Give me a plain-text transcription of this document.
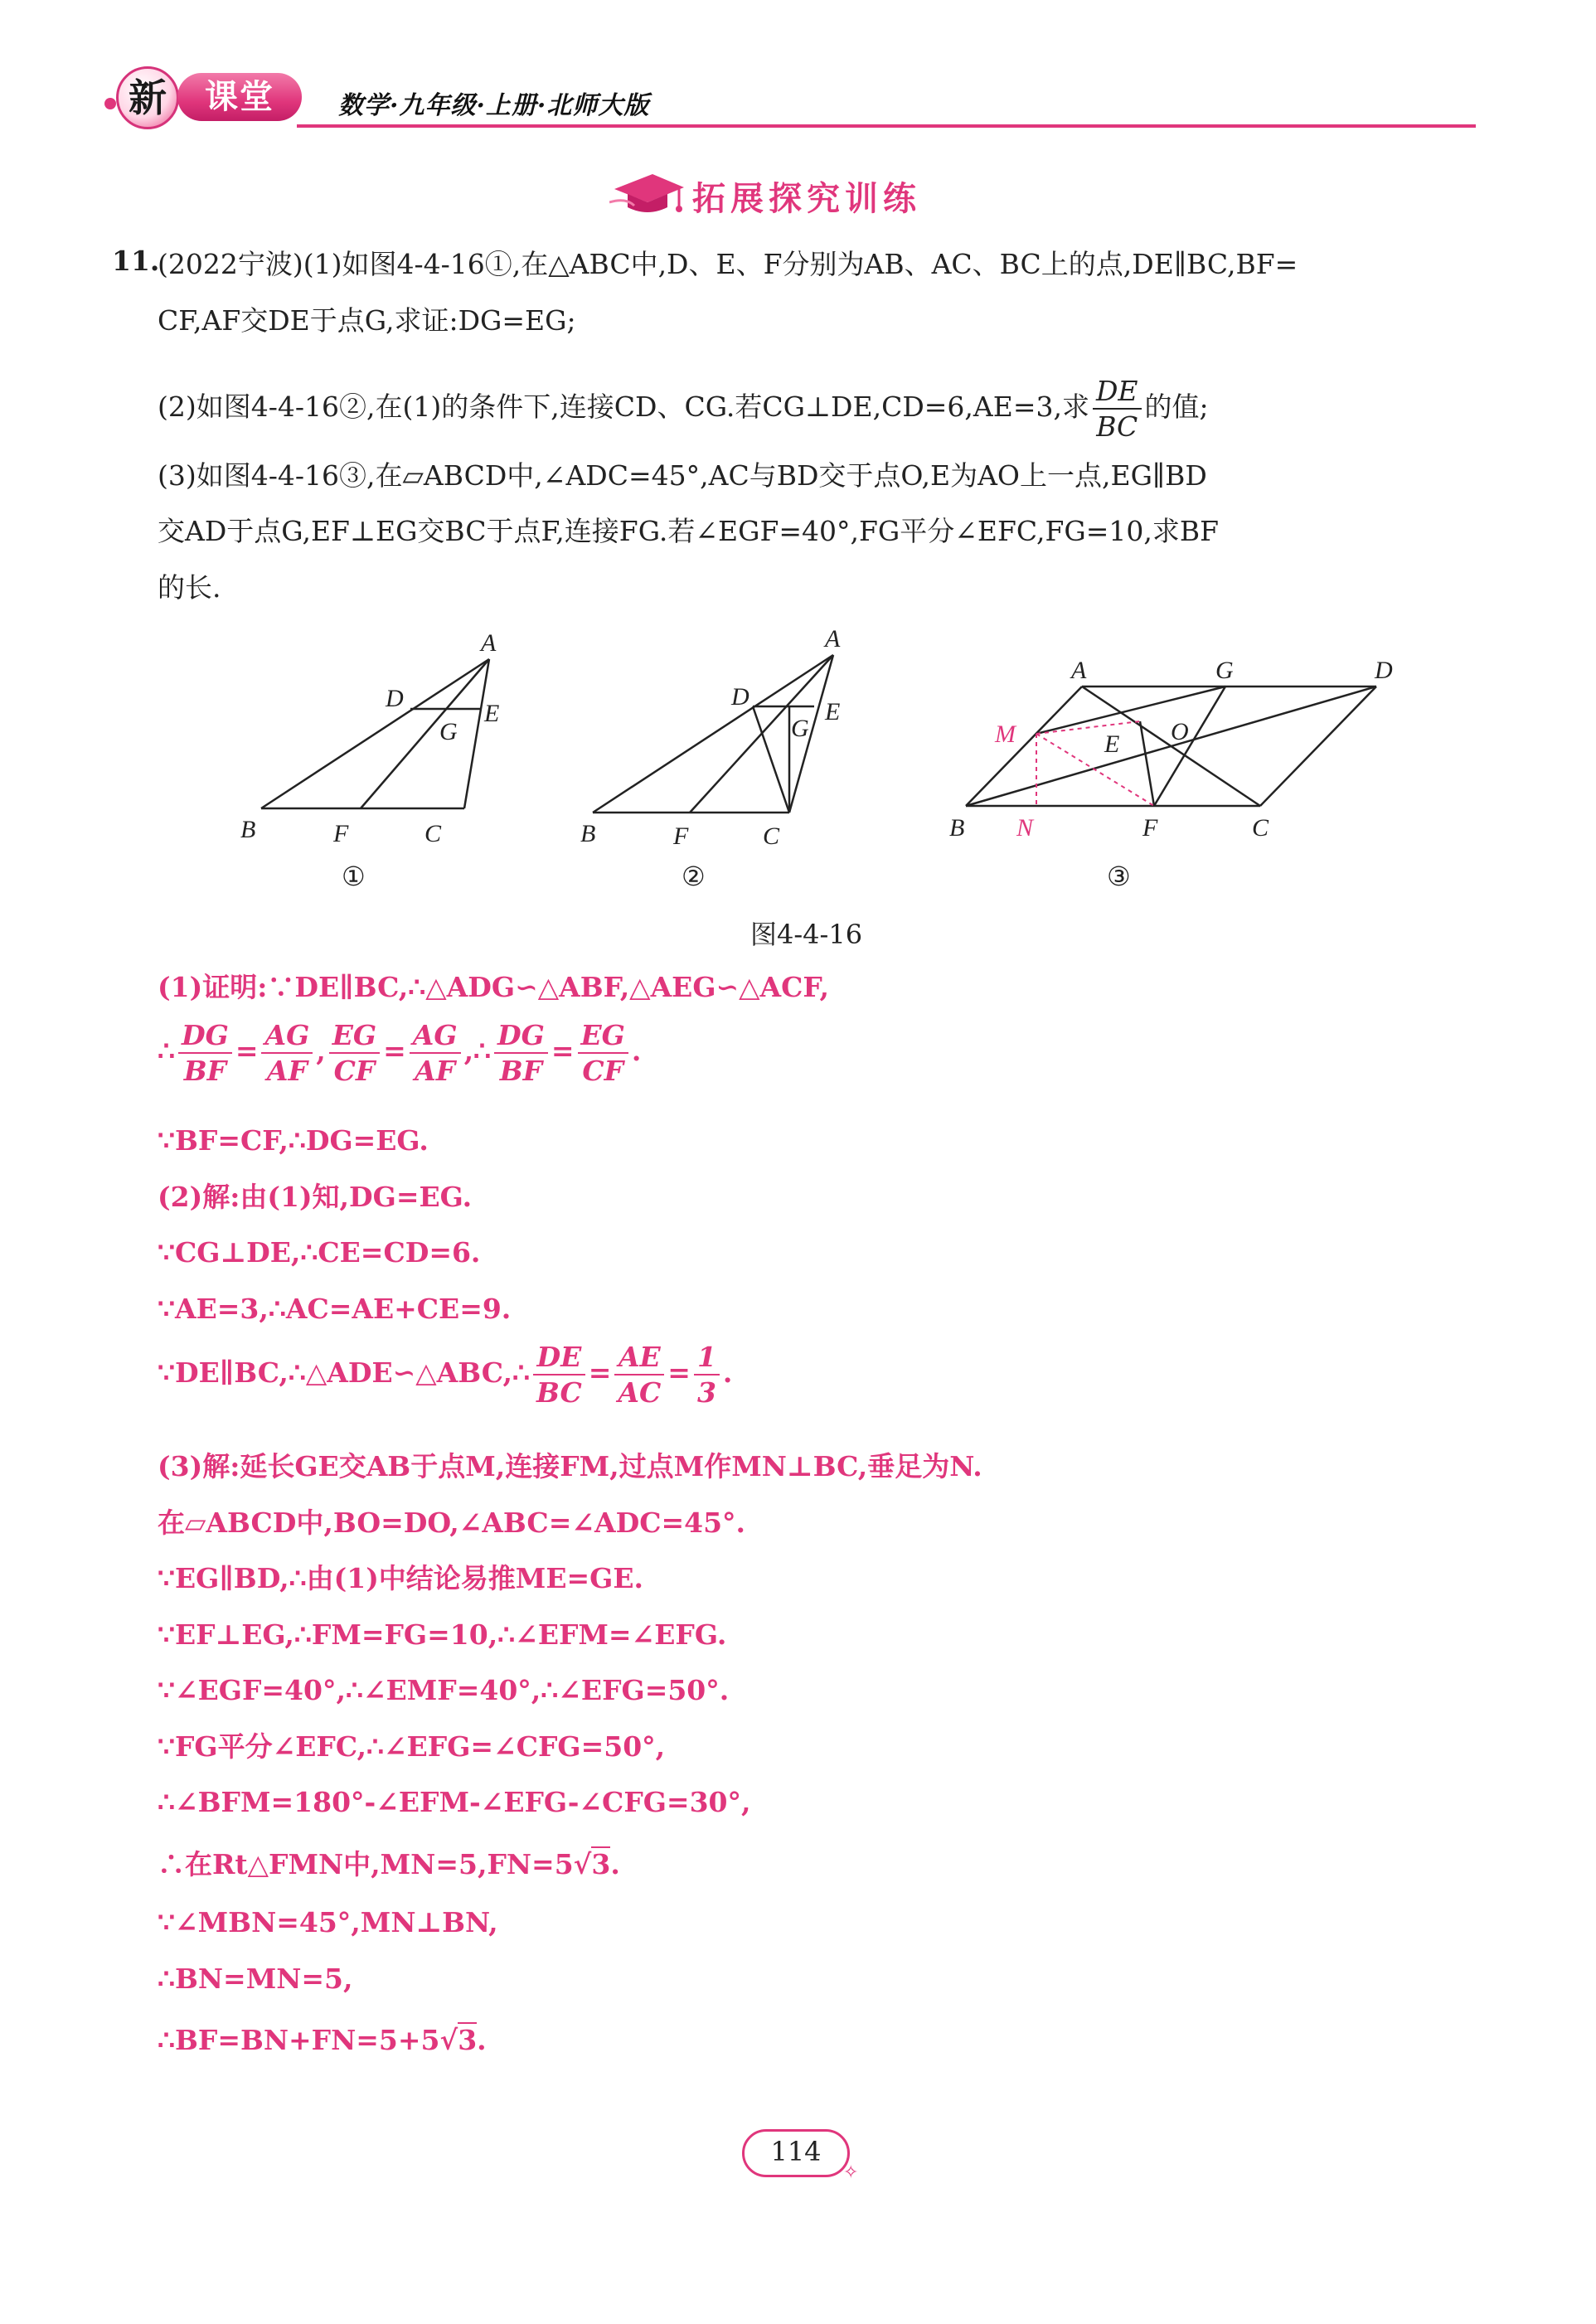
新	课堂	数学·九年级·上册·北师大版
拓展探究训练
11.
(2022宁波)(1)如图4-4-16①,在△ABC中,D、E、F分别为AB、AC、BC上的点,DE∥BC,BF=
CF,AF交DE于点G,求证:DG=EG;
(2)如图4-4-16②,在(1)的条件下,连接CD、CG.若CG⊥DE,CD=6,AE=3,求 $\frac{DE}{BC}$ 的值;
(3)如图4-4-16③,在▱ABCD中,∠ADC=45°,AC与BD交于点O,E为AO上一点,EG∥BD
交AD于点G,EF⊥EG交BC于点F,连接FG.若∠EGF=40°,FG平分∠EFC,FG=10,求BF
的长.
A
B	C
D
E
F
G
①
A
B	C
D
E
F
G
②
A
B	C
D
E
F
G
O
M
N
③
图4-4-16
(1)证明:∵DE∥BC,∴△ADG∽△ABF,△AEG∽△ACF,
∴ $\frac{DG}{BF} = \frac{AG}{AF}$ , $\frac{EG}{CF} = \frac{AG}{AF}$ ,∴ $\frac{DG}{BF} = \frac{EG}{CF}$ .
∵BF=CF,∴DG=EG.
(2)解:由(1)知,DG=EG.
∵CG⊥DE,∴CE=CD=6.
∵AE=3,∴AC=AE+CE=9.
∵DE∥BC,∴△ADE∽△ABC,∴ $\frac{DE}{BC} = \frac{AE}{AC} = \frac{1}{3}$ .
(3)解:延长GE交AB于点M,连接FM,过点M作MN⊥BC,垂足为N.
在▱ABCD中,BO=DO,∠ABC=∠ADC=45°.
∵EG∥BD,∴由(1)中结论易推ME=GE.
∵EF⊥EG,∴FM=FG=10,∴∠EFM=∠EFG.
∵∠EGF=40°,∴∠EMF=40°,∴∠EFG=50°.
∵FG平分∠EFC,∴∠EFG=∠CFG=50°,
∴∠BFM=180°-∠EFM-∠EFG-∠CFG=30°,
∴在Rt△FMN中,MN=5,FN=5√3.
∵∠MBN=45°,MN⊥BN,
∴BN=MN=5,
∴BF=BN+FN=5+5√3.
114
✧
